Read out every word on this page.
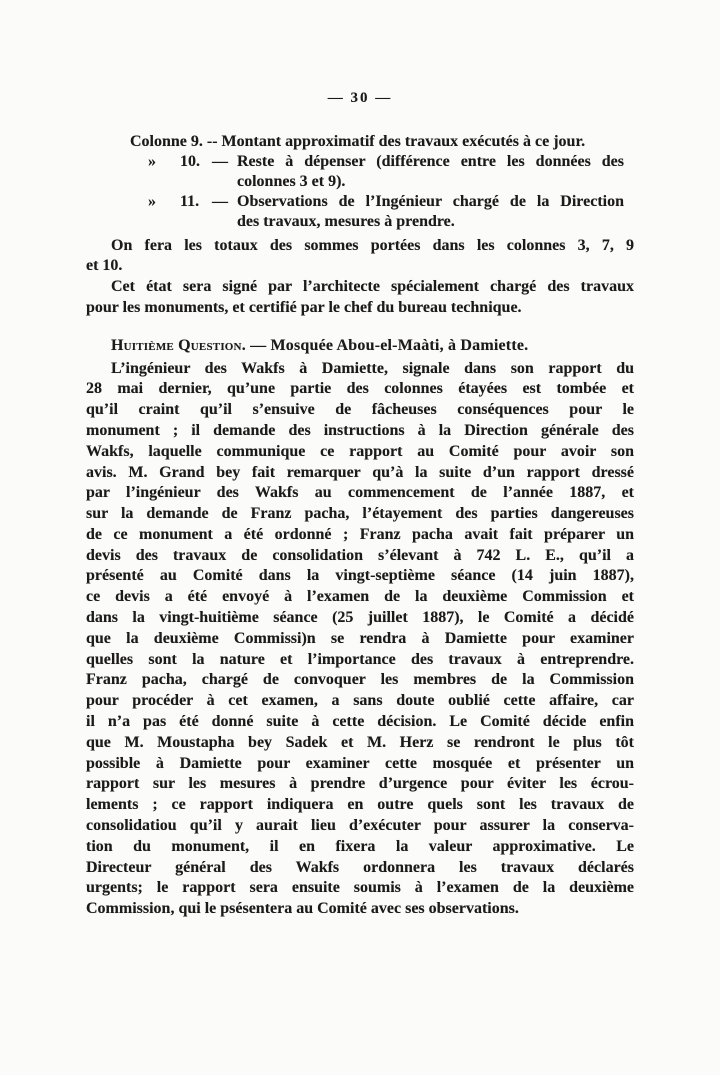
— 30 —
Colonne 9. -- Montant approximatif des travaux exécutés à ce jour.
»	10. — Reste à dépenser (différence entre les données des
colonnes 3 et 9).
»	11. — Observations de l’Ingénieur chargé de la Direction
des travaux, mesures à prendre.
On fera les totaux des sommes portées dans les colonnes 3, 7, 9
et 10.
Cet état sera signé par l’architecte spécialement chargé des travaux
pour les monuments, et certifié par le chef du bureau technique.
Huitième Question. — Mosquée Abou-el-Maàti, à Damiette.
L’ingénieur des Wakfs à Damiette, signale dans son rapport du
28 mai dernier, qu’une partie des colonnes étayées est tombée et
qu’il craint qu’il s’ensuive de fâcheuses conséquences pour le
monument ; il demande des instructions à la Direction générale des
Wakfs, laquelle communique ce rapport au Comité pour avoir son
avis. M. Grand bey fait remarquer qu’à la suite d’un rapport dressé
par l’ingénieur des Wakfs au commencement de l’année 1887, et
sur la demande de Franz pacha, l’étayement des parties dangereuses
de ce monument a été ordonné ; Franz pacha avait fait préparer un
devis des travaux de consolidation s’élevant à 742 L. E., qu’il a
présenté au Comité dans la vingt-septième séance (14 juin 1887),
ce devis a été envoyé à l’examen de la deuxième Commission et
dans la vingt-huitième séance (25 juillet 1887), le Comité a décidé
que la deuxième Commissi)n se rendra à Damiette pour examiner
quelles sont la nature et l’importance des travaux à entreprendre.
Franz pacha, chargé de convoquer les membres de la Commission
pour procéder à cet examen, a sans doute oublié cette affaire, car
il n’a pas été donné suite à cette décision. Le Comité décide enfin
que M. Moustapha bey Sadek et M. Herz se rendront le plus tôt
possible à Damiette pour examiner cette mosquée et présenter un
rapport sur les mesures à prendre d’urgence pour éviter les écrou-
lements ; ce rapport indiquera en outre quels sont les travaux de
consolidatiou qu’il y aurait lieu d’exécuter pour assurer la conserva-
tion du monument, il en fixera la valeur approximative. Le
Directeur général des Wakfs ordonnera les travaux déclarés
urgents; le rapport sera ensuite soumis à l’examen de la deuxième
Commission, qui le psésentera au Comité avec ses observations.
